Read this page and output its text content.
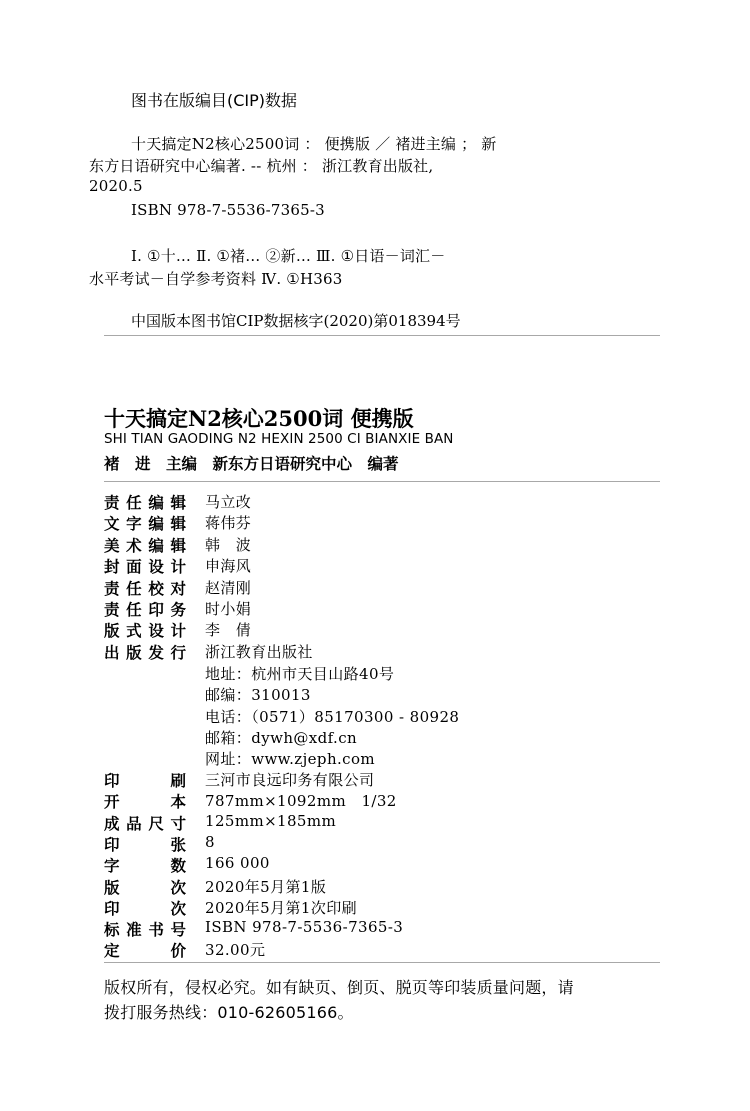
图书在版编目(CIP)数据
十天搞定N2核心2500词 ： 便携版 ／ 褚进主编 ； 新
东方日语研究中心编著. -- 杭州 ： 浙江教育出版社,
2020.5
ISBN 978-7-5536-7365-3
Ⅰ. ①十… Ⅱ. ①褚… ②新… Ⅲ. ①日语－词汇－
水平考试－自学参考资料 Ⅳ. ①H363
中国版本图书馆CIP数据核字(2020)第018394号
十天搞定N2核心2500词 便携版
SHI TIAN GAODING N2 HEXIN 2500 CI BIANXIE BAN
褚　进　主编　新东方日语研究中心　编著
责 任 编 辑 马立改
文 字 编 辑 蒋伟芬
美 术 编 辑 韩　波
封 面 设 计 申海风
责 任 校 对 赵清刚
责 任 印 务 时小娟
版 式 设 计 李　倩
出 版 发 行 浙江教育出版社
地址：杭州市天目山路40号
邮编：310013
电话：（0571）85170300 - 80928
邮箱：dywh@xdf.cn
网址：www.zjeph.com
印	刷 三河市良远印务有限公司
开	本 787mm×1092mm　1/32
成 品 尺 寸 125mm×185mm
印	张 8
字	数 166 000
版	次 2020年5月第1版
印	次 2020年5月第1次印刷
标 准 书 号 ISBN 978-7-5536-7365-3
定	价 32.00元
版权所有，侵权必究。如有缺页、倒页、脱页等印装质量问题，请
拨打服务热线：010-62605166。
